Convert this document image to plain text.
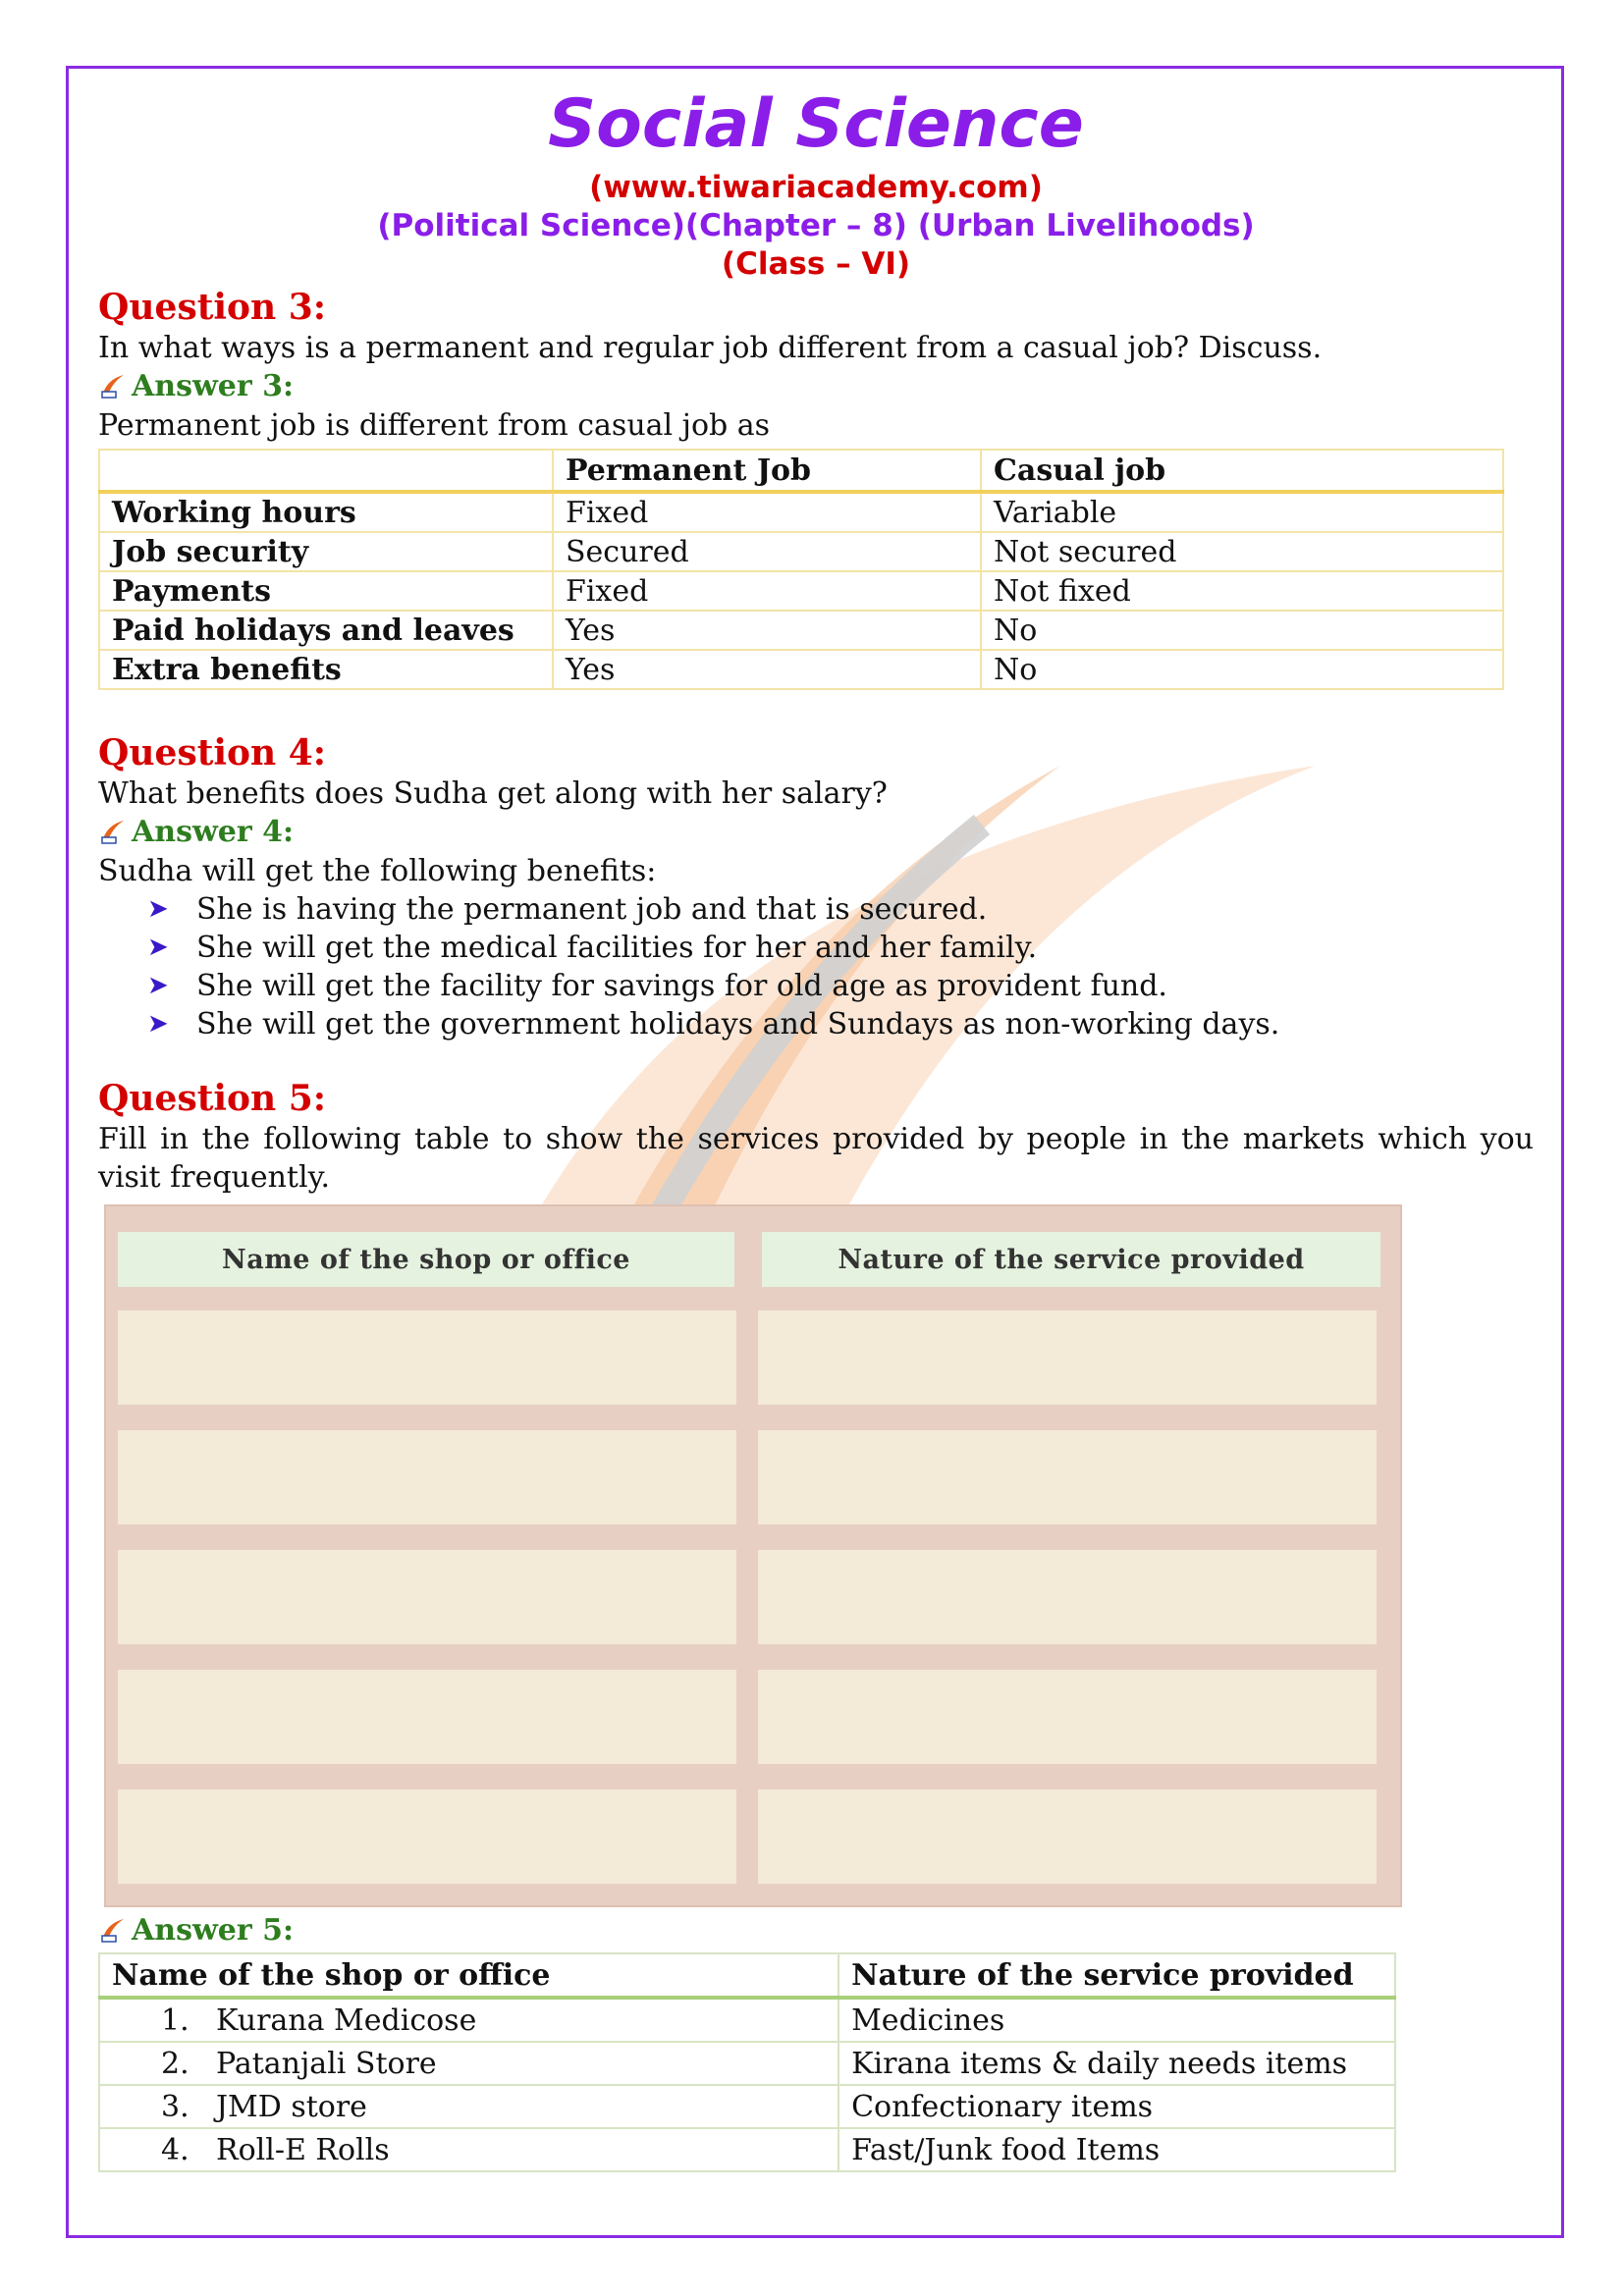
Social Science
(www.tiwariacademy.com)
(Political Science)(Chapter – 8) (Urban Livelihoods)
(Class – VI)
Question 3:
In what ways is a permanent and regular job different from a casual job? Discuss.
Answer 3:
Permanent job is different from casual job as
	Permanent Job	Casual job
Working hours	Fixed	Variable
Job security	Secured	Not secured
Payments	Fixed	Not fixed
Paid holidays and leaves	Yes	No
Extra benefits	Yes	No
Question 4:
What benefits does Sudha get along with her salary?
Answer 4:
Sudha will get the following benefits:
➤ She is having the permanent job and that is secured.
➤ She will get the medical facilities for her and her family.
➤ She will get the facility for savings for old age as provident fund.
➤ She will get the government holidays and Sundays as non-working days.
Question 5:
Fill in the following table to show the services provided by people in the markets which you visit frequently.
Name of the shop or office	Nature of the service provided
Answer 5:
Name of the shop or office		Nature of the service provided
1.	Kurana Medicose	Medicines
2.	Patanjali Store	Kirana items & daily needs items
3.	JMD store	Confectionary items
4.	Roll-E Rolls	Fast/Junk food Items
